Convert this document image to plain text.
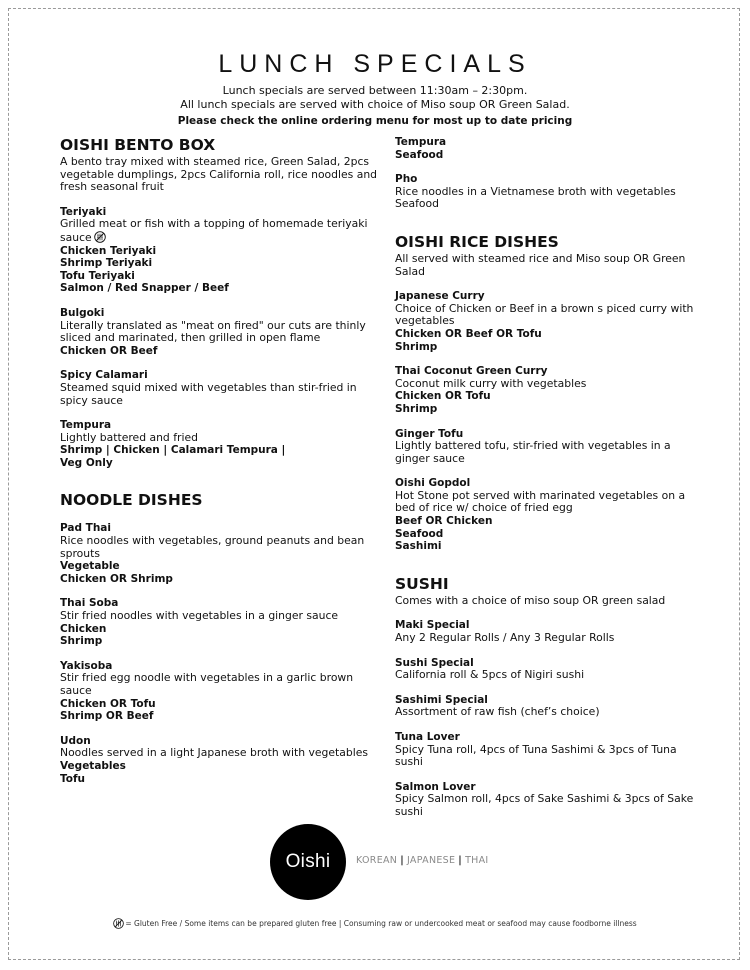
LUNCH SPECIALS

Lunch specials are served between 11:30am – 2:30pm.

All lunch specials are served with choice of Miso soup OR Green Salad.

Please check the online ordering menu for most up to date pricing

OISHI BENTO BOX

A bento tray mixed with steamed rice, Green Salad, 2pcs vegetable dumplings, 2pcs California roll, rice noodles and fresh seasonal fruit

Teriyaki

Grilled meat or fish with a topping of homemade teriyaki sauce

Chicken Teriyaki

Shrimp Teriyaki

Tofu Teriyaki

Salmon / Red Snapper / Beef

Bulgoki

Literally translated as "meat on fired" our cuts are thinly sliced and marinated, then grilled in open flame

Chicken OR Beef

Spicy Calamari

Steamed squid mixed with vegetables than stir-fried in spicy sauce

Tempura

Lightly battered and fried

Shrimp | Chicken | Calamari Tempura |

Veg Only

NOODLE DISHES

Pad Thai

Rice noodles with vegetables, ground peanuts and bean sprouts

Vegetable

Chicken OR Shrimp

Thai Soba

Stir fried noodles with vegetables in a ginger sauce

Chicken

Shrimp

Yakisoba

Stir fried egg noodle with vegetables in a garlic brown sauce

Chicken OR Tofu

Shrimp OR Beef

Udon

Noodles served in a light Japanese broth with vegetables

Vegetables

Tofu

Tempura

Seafood

Pho

Rice noodles in a Vietnamese broth with vegetables Seafood

OISHI RICE DISHES

All served with steamed rice and Miso soup OR Green Salad

Japanese Curry

Choice of Chicken or Beef in a brown s piced curry with vegetables

Chicken OR Beef OR Tofu

Shrimp

Thai Coconut Green Curry

Coconut milk curry with vegetables

Chicken OR Tofu

Shrimp

Ginger Tofu

Lightly battered tofu, stir-fried with vegetables in a ginger sauce

Oishi Gopdol

Hot Stone pot served with marinated vegetables on a bed of rice w/ choice of fried egg

Beef OR Chicken

Seafood

Sashimi

SUSHI

Comes with a choice of miso soup OR green salad

Maki Special

Any 2 Regular Rolls / Any 3 Regular Rolls

Sushi Special

California roll & 5pcs of Nigiri sushi

Sashimi Special

Assortment of raw fish (chef’s choice)

Tuna Lover

Spicy Tuna roll, 4pcs of Tuna Sashimi & 3pcs of Tuna sushi

Salmon Lover

Spicy Salmon roll, 4pcs of Sake Sashimi & 3pcs of Sake sushi

Oishi	KOREAN | JAPANESE | THAI
= Gluten Free / Some items can be prepared gluten free | Consuming raw or undercooked meat or seafood may cause foodborne illness
